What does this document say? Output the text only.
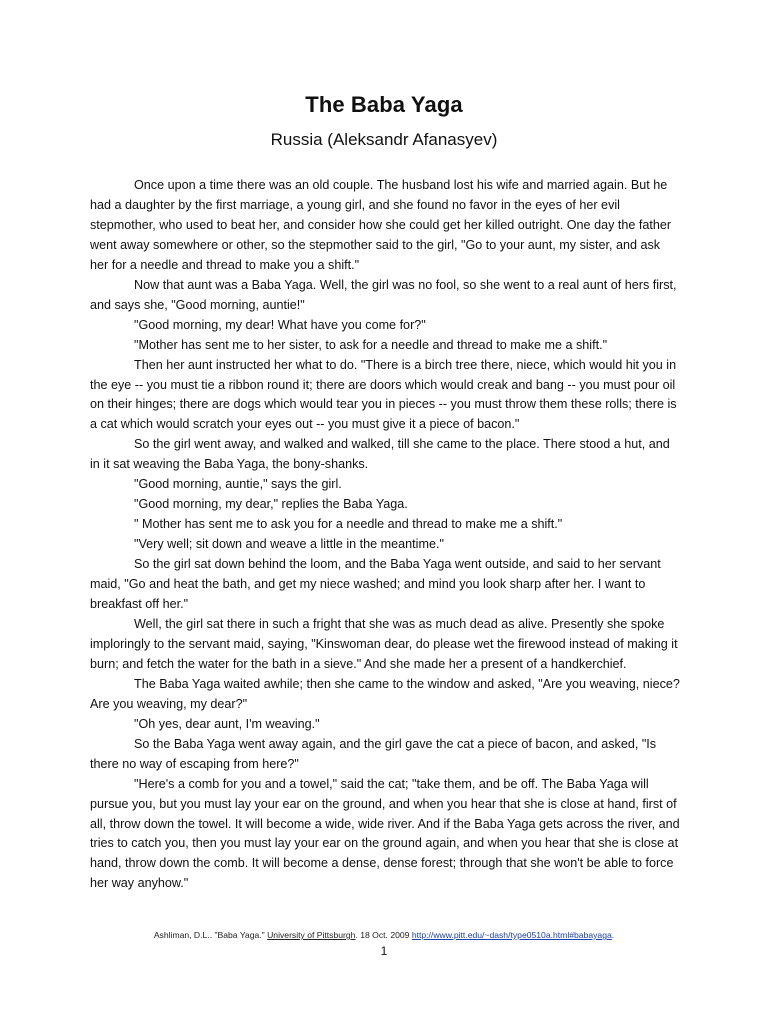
The Baba Yaga
Russia (Aleksandr Afanasyev)

Once upon a time there was an old couple. The husband lost his wife and married again. But he had a daughter by the first marriage, a young girl, and she found no favor in the eyes of her evil stepmother, who used to beat her, and consider how she could get her killed outright. One day the father went away somewhere or other, so the stepmother said to the girl, "Go to your aunt, my sister, and ask her for a needle and thread to make you a shift."

Now that aunt was a Baba Yaga. Well, the girl was no fool, so she went to a real aunt of hers first, and says she, "Good morning, auntie!"

"Good morning, my dear! What have you come for?"

"Mother has sent me to her sister, to ask for a needle and thread to make me a shift."

Then her aunt instructed her what to do. "There is a birch tree there, niece, which would hit you in the eye -- you must tie a ribbon round it; there are doors which would creak and bang -- you must pour oil on their hinges; there are dogs which would tear you in pieces -- you must throw them these rolls; there is a cat which would scratch your eyes out -- you must give it a piece of bacon."

So the girl went away, and walked and walked, till she came to the place. There stood a hut, and in it sat weaving the Baba Yaga, the bony-shanks.

"Good morning, auntie," says the girl.

"Good morning, my dear," replies the Baba Yaga.

" Mother has sent me to ask you for a needle and thread to make me a shift."

"Very well; sit down and weave a little in the meantime."

So the girl sat down behind the loom, and the Baba Yaga went outside, and said to her servant maid, "Go and heat the bath, and get my niece washed; and mind you look sharp after her. I want to breakfast off her."

Well, the girl sat there in such a fright that she was as much dead as alive. Presently she spoke imploringly to the servant maid, saying, "Kinswoman dear, do please wet the firewood instead of making it burn; and fetch the water for the bath in a sieve." And she made her a present of a handkerchief.

The Baba Yaga waited awhile; then she came to the window and asked, "Are you weaving, niece? Are you weaving, my dear?"

"Oh yes, dear aunt, I'm weaving."

So the Baba Yaga went away again, and the girl gave the cat a piece of bacon, and asked, "Is there no way of escaping from here?"

"Here's a comb for you and a towel," said the cat; "take them, and be off. The Baba Yaga will pursue you, but you must lay your ear on the ground, and when you hear that she is close at hand, first of all, throw down the towel. It will become a wide, wide river. And if the Baba Yaga gets across the river, and tries to catch you, then you must lay your ear on the ground again, and when you hear that she is close at hand, throw down the comb. It will become a dense, dense forest; through that she won't be able to force her way anyhow."

Ashliman, D.L.. "Baba Yaga." University of Pittsburgh. 18 Oct. 2009 http://www.pitt.edu/~dash/type0510a.html#babayaga.
1
